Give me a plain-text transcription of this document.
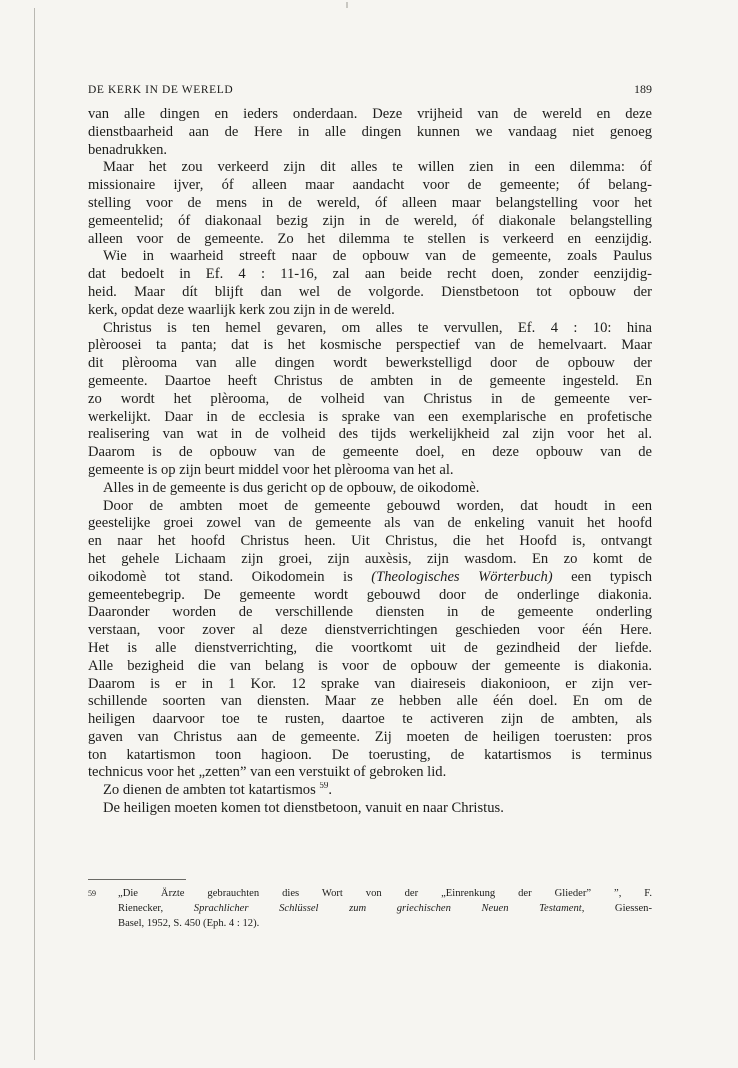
DE KERK IN DE WERELD	189
van alle dingen en ieders onderdaan. Deze vrijheid van de wereld en deze
dienstbaarheid aan de Here in alle dingen kunnen we vandaag niet genoeg
benadrukken.
Maar het zou verkeerd zijn dit alles te willen zien in een dilemma: óf
missionaire ijver, óf alleen maar aandacht voor de gemeente; óf belang-
stelling voor de mens in de wereld, óf alleen maar belangstelling voor het
gemeentelid; óf diakonaal bezig zijn in de wereld, óf diakonale belangstelling
alleen voor de gemeente. Zo het dilemma te stellen is verkeerd en eenzijdig.
Wie in waarheid streeft naar de opbouw van de gemeente, zoals Paulus
dat bedoelt in Ef. 4 : 11-16, zal aan beide recht doen, zonder eenzijdig-
heid. Maar dít blijft dan wel de volgorde. Dienstbetoon tot opbouw der
kerk, opdat deze waarlijk kerk zou zijn in de wereld.
Christus is ten hemel gevaren, om alles te vervullen, Ef. 4 : 10: hina
plèroosei ta panta; dat is het kosmische perspectief van de hemelvaart. Maar
dit plèrooma van alle dingen wordt bewerkstelligd door de opbouw der
gemeente. Daartoe heeft Christus de ambten in de gemeente ingesteld. En
zo wordt het plèrooma, de volheid van Christus in de gemeente ver-
werkelijkt. Daar in de ecclesia is sprake van een exemplarische en profetische
realisering van wat in de volheid des tijds werkelijkheid zal zijn voor het al.
Daarom is de opbouw van de gemeente doel, en deze opbouw van de
gemeente is op zijn beurt middel voor het plèrooma van het al.
Alles in de gemeente is dus gericht op de opbouw, de oikodomè.
Door de ambten moet de gemeente gebouwd worden, dat houdt in een
geestelijke groei zowel van de gemeente als van de enkeling vanuit het hoofd
en naar het hoofd Christus heen. Uit Christus, die het Hoofd is, ontvangt
het gehele Lichaam zijn groei, zijn auxèsis, zijn wasdom. En zo komt de
oikodomè tot stand. Oikodomein is (Theologisches Wörterbuch) een typisch
gemeentebegrip. De gemeente wordt gebouwd door de onderlinge diakonia.
Daaronder worden de verschillende diensten in de gemeente onderling
verstaan, voor zover al deze dienstverrichtingen geschieden voor één Here.
Het is alle dienstverrichting, die voortkomt uit de gezindheid der liefde.
Alle bezigheid die van belang is voor de opbouw der gemeente is diakonia.
Daarom is er in 1 Kor. 12 sprake van diaireseis diakonioon, er zijn ver-
schillende soorten van diensten. Maar ze hebben alle één doel. En om de
heiligen daarvoor toe te rusten, daartoe te activeren zijn de ambten, als
gaven van Christus aan de gemeente. Zij moeten de heiligen toerusten: pros
ton katartismon toon hagioon. De toerusting, de katartismos is terminus
technicus voor het „zetten” van een verstuikt of gebroken lid.
Zo dienen de ambten tot katartismos $^{59}$.
De heiligen moeten komen tot dienstbetoon, vanuit en naar Christus.
59 „Die Ärzte gebrauchten dies Wort von der „Einrenkung der Glieder” ”, F.
Rienecker, Sprachlicher Schlüssel zum griechischen Neuen Testament, Giessen-
Basel, 1952, S. 450 (Eph. 4 : 12).
